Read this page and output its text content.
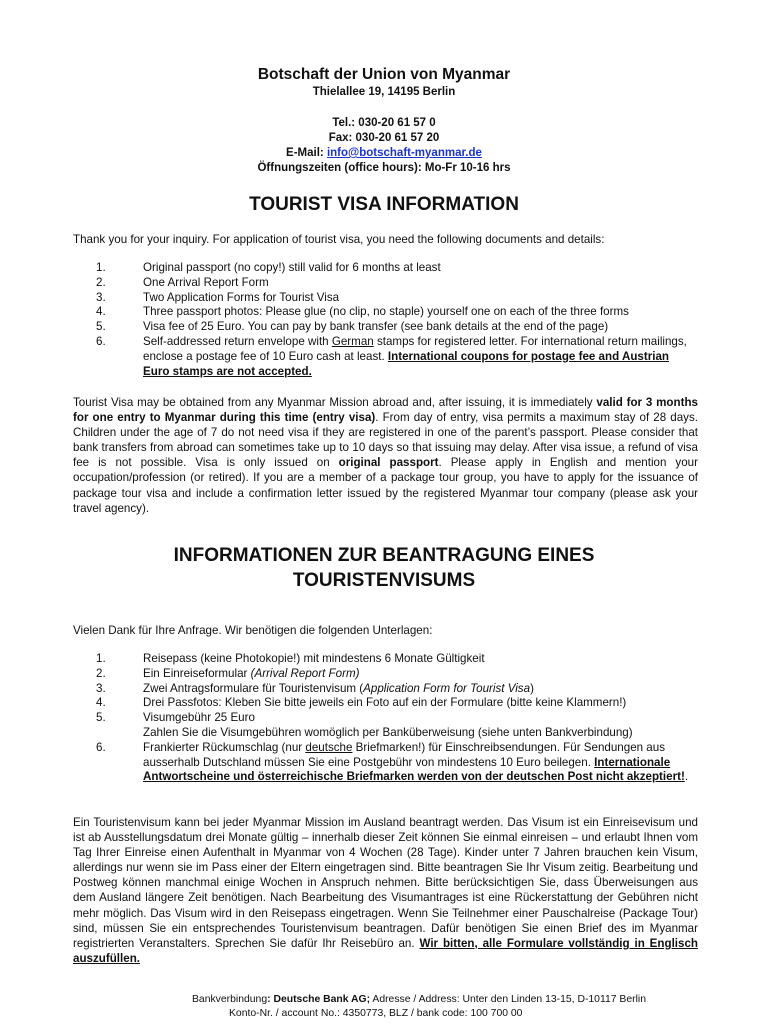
Botschaft der Union von Myanmar
Thielallee 19, 14195 Berlin
Tel.: 030-20 61 57 0
Fax: 030-20 61 57 20
E-Mail: info@botschaft-myanmar.de
Öffnungszeiten (office hours): Mo-Fr 10-16 hrs
TOURIST VISA INFORMATION
Thank you for your inquiry. For application of tourist visa, you need the following documents and details:
1.	Original passport (no copy!) still valid for 6 months at least
2.	One Arrival Report Form
3.	Two Application Forms for Tourist Visa
4.	Three passport photos: Please glue (no clip, no staple) yourself one on each of the three forms
5.	Visa fee of 25 Euro. You can pay by bank transfer (see bank details at the end of the page)
6.	Self-addressed return envelope with German stamps for registered letter. For international return mailings, enclose a postage fee of 10 Euro cash at least. International coupons for postage fee and Austrian Euro stamps are not accepted.
Tourist Visa may be obtained from any Myanmar Mission abroad and, after issuing, it is immediately valid for 3 months for one entry to Myanmar during this time (entry visa). From day of entry, visa permits a maximum stay of 28 days. Children under the age of 7 do not need visa if they are registered in one of the parent’s passport. Please consider that bank transfers from abroad can sometimes take up to 10 days so that issuing may delay. After visa issue, a refund of visa fee is not possible. Visa is only issued on original passport. Please apply in English and mention your occupation/profession (or retired). If you are a member of a package tour group, you have to apply for the issuance of package tour visa and include a confirmation letter issued by the registered Myanmar tour company (please ask your travel agency).
INFORMATIONEN ZUR BEANTRAGUNG EINES
TOURISTENVISUMS
Vielen Dank für Ihre Anfrage. Wir benötigen die folgenden Unterlagen:
1.	Reisepass (keine Photokopie!) mit mindestens 6 Monate Gültigkeit
2.	Ein Einreiseformular (Arrival Report Form)
3.	Zwei Antragsformulare für Touristenvisum (Application Form for Tourist Visa)
4.	Drei Passfotos: Kleben Sie bitte jeweils ein Foto auf ein der Formulare (bitte keine Klammern!)
5.	Visumgebühr 25 Euro
Zahlen Sie die Visumgebühren womöglich per Banküberweisung (siehe unten Bankverbindung)
6.	Frankierter Rückumschlag (nur deutsche Briefmarken!) für Einschreibsendungen. Für Sendungen aus ausserhalb Dutschland müssen Sie eine Postgebühr von mindestens 10 Euro beilegen. Internationale Antwortscheine und österreichische Briefmarken werden von der deutschen Post nicht akzeptiert!.
Ein Touristenvisum kann bei jeder Myanmar Mission im Ausland beantragt werden. Das Visum ist ein Einreisevisum und ist ab Ausstellungsdatum drei Monate gültig – innerhalb dieser Zeit können Sie einmal einreisen – und erlaubt Ihnen vom Tag Ihrer Einreise einen Aufenthalt in Myanmar von 4 Wochen (28 Tage). Kinder unter 7 Jahren brauchen kein Visum, allerdings nur wenn sie im Pass einer der Eltern eingetragen sind. Bitte beantragen Sie Ihr Visum zeitig. Bearbeitung und Postweg können manchmal einige Wochen in Anspruch nehmen. Bitte berücksichtigen Sie, dass Überweisungen aus dem Ausland längere Zeit benötigen. Nach Bearbeitung des Visumantrages ist eine Rückerstattung der Gebühren nicht mehr möglich. Das Visum wird in den Reisepass eingetragen. Wenn Sie Teilnehmer einer Pauschalreise (Package Tour) sind, müssen Sie ein entsprechendes Touristenvisum beantragen. Dafür benötigen Sie einen Brief des im Myanmar registrierten Veranstalters. Sprechen Sie dafür Ihr Reisebüro an. Wir bitten, alle Formulare vollständig in Englisch auszufüllen.
Bankverbindung: Deutsche Bank AG; Adresse / Address: Unter den Linden 13-15, D-10117 Berlin
Konto-Nr. / account No.: 4350773, BLZ / bank code: 100 700 00
